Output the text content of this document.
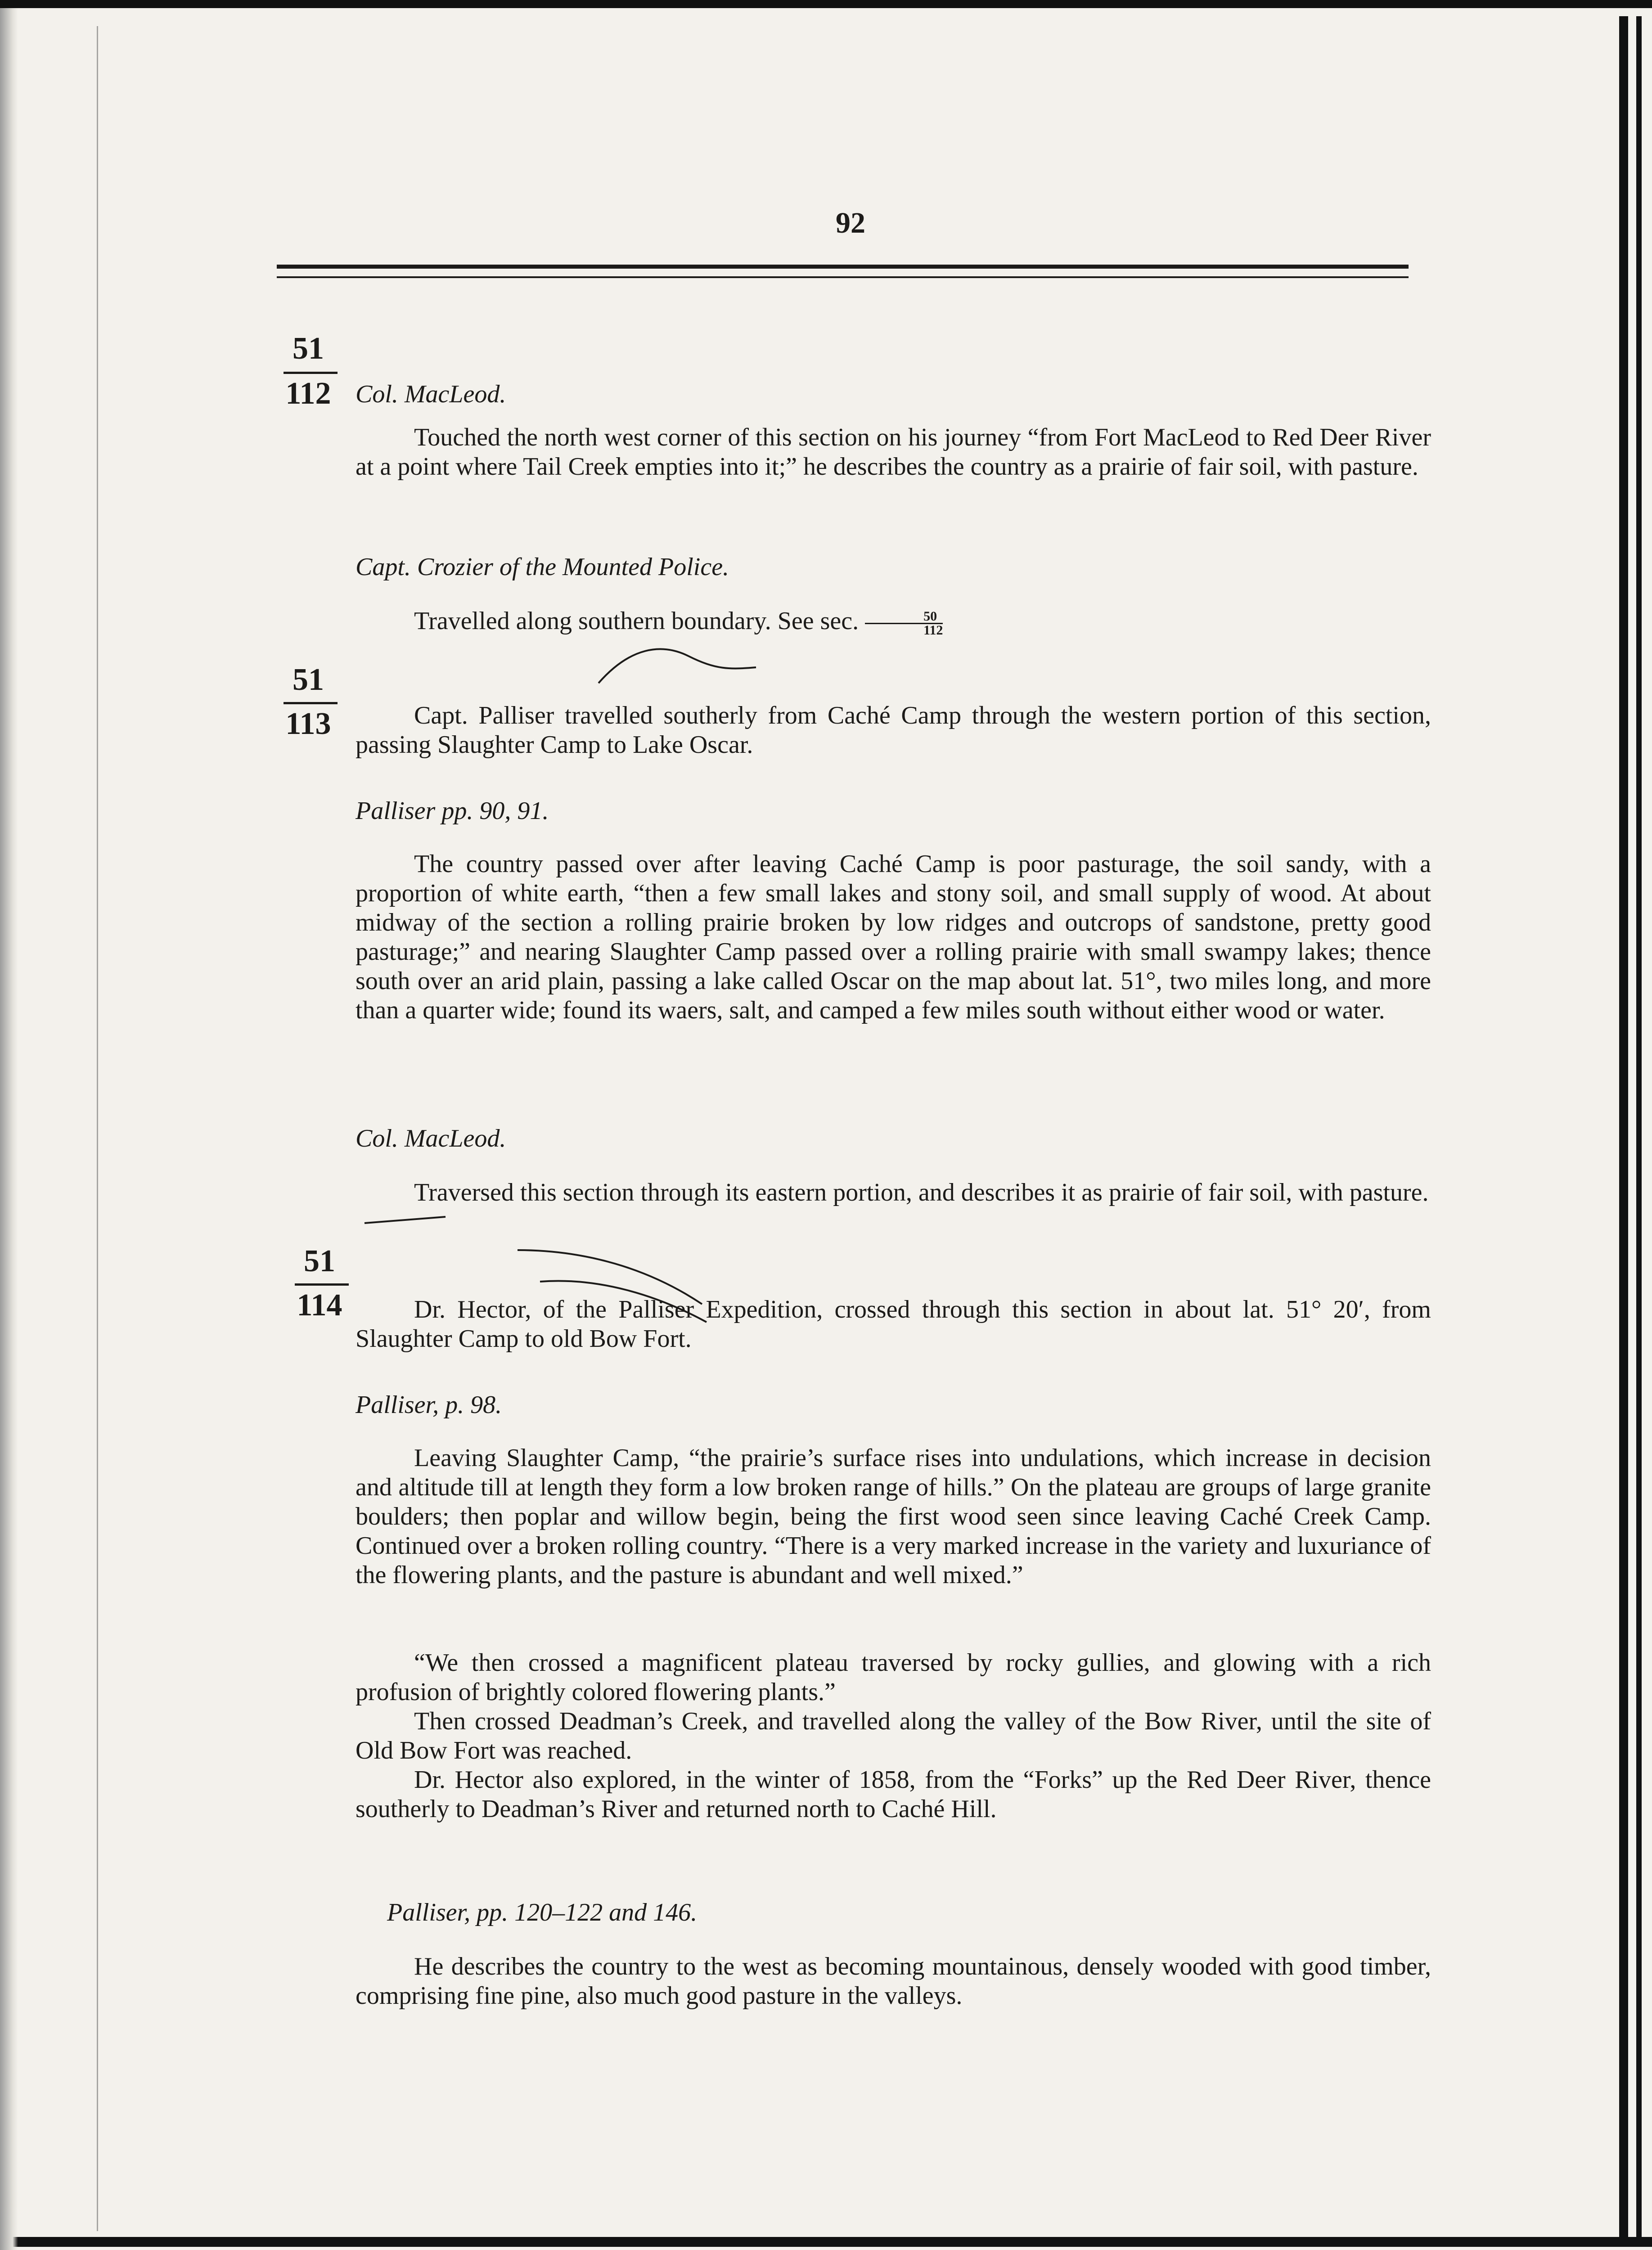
92
51
112 Col. MacLeod.

Touched the north west corner of this section on his journey “from Fort MacLeod to Red Deer River at a point where Tail Creek empties into it;” he describes the country as a prairie of fair soil, with pasture.

Capt. Crozier of the Mounted Police.

Travelled along southern boundary. See sec. $\frac{50}{112}$

51
113	Capt. Palliser travelled southerly from Caché Camp through the western portion of this section, passing Slaughter Camp to Lake Oscar.

Palliser pp. 90, 91.

The country passed over after leaving Caché Camp is poor pasturage, the soil sandy, with a proportion of white earth, “then a few small lakes and stony soil, and small supply of wood. At about midway of the section a rolling prairie broken by low ridges and outcrops of sandstone, pretty good pasturage;” and nearing Slaughter Camp passed over a rolling prairie with small swampy lakes; thence south over an arid plain, passing a lake called Oscar on the map about lat. 51°, two miles long, and more than a quarter wide; found its waers, salt, and camped a few miles south without either wood or water.

Col. MacLeod.

Traversed this section through its eastern portion, and describes it as prairie of fair soil, with pasture.

51
114	Dr. Hector, of the Palliser Expedition, crossed through this section in about lat. 51° 20′, from Slaughter Camp to old Bow Fort.

Palliser, p. 98.

Leaving Slaughter Camp, “the prairie’s surface rises into undulations, which increase in decision and altitude till at length they form a low broken range of hills.” On the plateau are groups of large granite boulders; then poplar and willow begin, being the first wood seen since leaving Caché Creek Camp. Continued over a broken rolling country. “There is a very marked increase in the variety and luxuriance of the flowering plants, and the pasture is abundant and well mixed.”

“We then crossed a magnificent plateau traversed by rocky gullies, and glowing with a rich profusion of brightly colored flowering plants.”

Then crossed Deadman’s Creek, and travelled along the valley of the Bow River, until the site of Old Bow Fort was reached.

Dr. Hector also explored, in the winter of 1858, from the “Forks” up the Red Deer River, thence southerly to Deadman’s River and returned north to Caché Hill.

Palliser, pp. 120–122 and 146.

He describes the country to the west as becoming mountainous, densely wooded with good timber, comprising fine pine, also much good pasture in the valleys.
